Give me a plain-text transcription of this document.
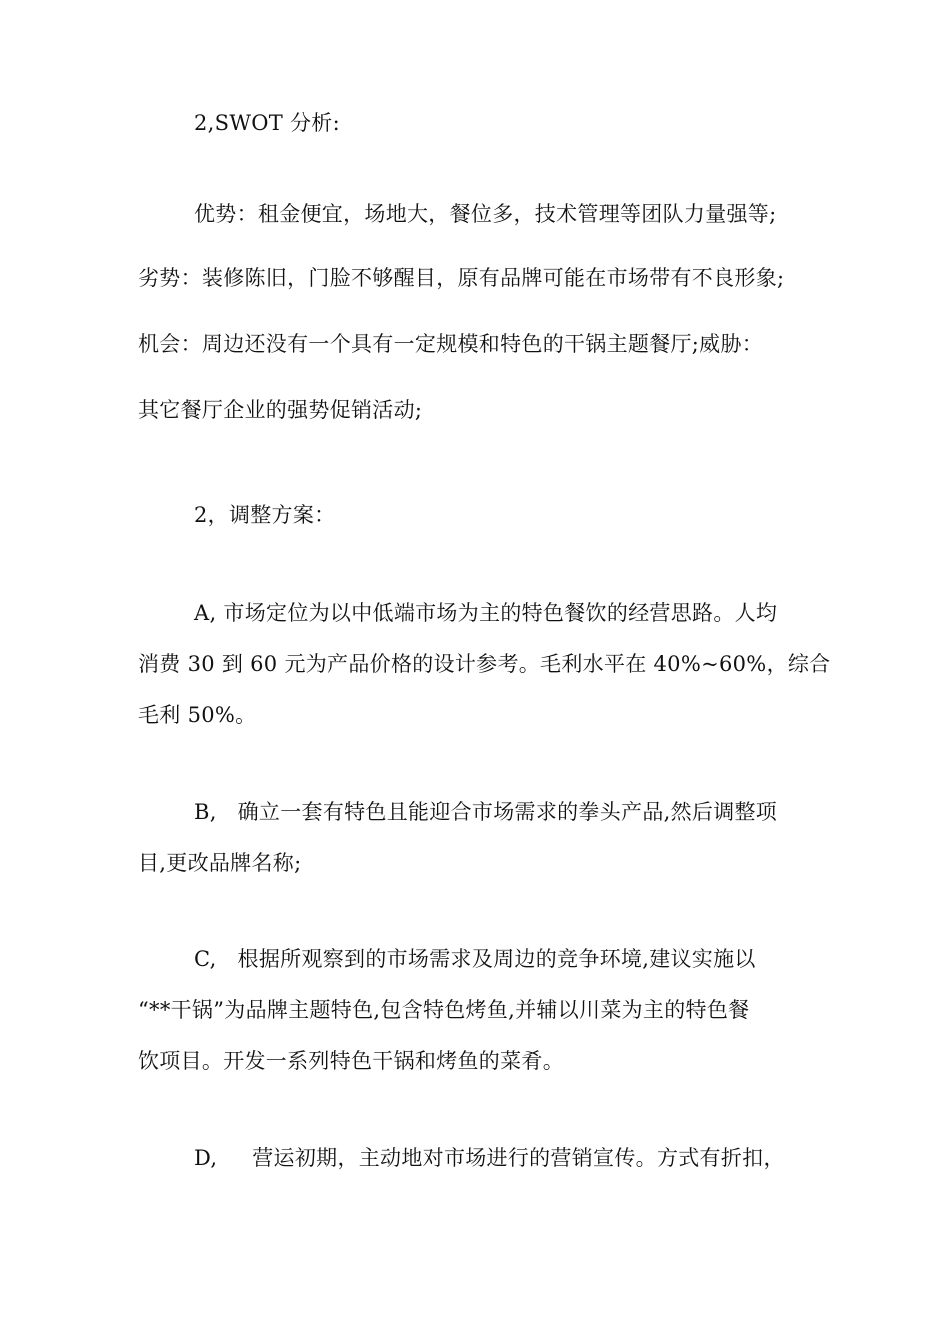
2,SWOT 分析:
优势：租金便宜，场地大，餐位多，技术管理等团队力量强等;
劣势：装修陈旧，门脸不够醒目，原有品牌可能在市场带有不良形象;
机会：周边还没有一个具有一定规模和特色的干锅主题餐厅;威胁：
其它餐厅企业的强势促销活动;
2，调整方案：
A, 市场定位为以中低端市场为主的特色餐饮的经营思路。人均
消费 30 到 60 元为产品价格的设计参考。毛利水平在 40%~60%，综合
毛利 50%。
B,   确立一套有特色且能迎合市场需求的拳头产品,然后调整项
目,更改品牌名称;
C,   根据所观察到的市场需求及周边的竞争环境,建议实施以
“**干锅”为品牌主题特色,包含特色烤鱼,并辅以川菜为主的特色餐
饮项目。开发一系列特色干锅和烤鱼的菜肴。
D,     营运初期，主动地对市场进行的营销宣传。方式有折扣，
